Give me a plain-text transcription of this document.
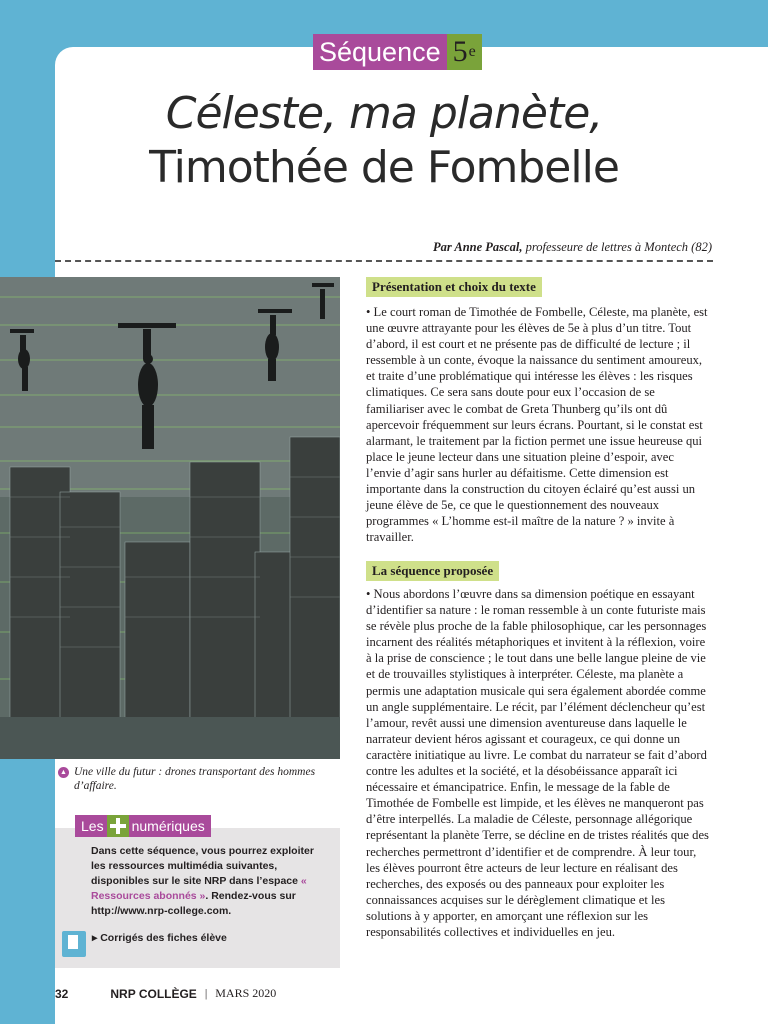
Séquence 5 e
Céleste, ma planète,
Timothée de Fombelle
Par Anne Pascal, professeure de lettres à Montech (82)
▲ Une ville du futur : drones transportant des hommes d’affaire.
Les numériques
Dans cette séquence, vous pourrez exploiter les ressources multimédia suivantes, disponibles sur le site NRP dans l’espace « Ressources abonnés ». Rendez-vous sur http://www.nrp-college.com.
▸ Corrigés des fiches élève
Présentation et choix du texte
• Le court roman de Timothée de Fombelle, Céleste, ma planète, est une œuvre attrayante pour les élèves de 5e à plus d’un titre. Tout d’abord, il est court et ne présente pas de difficulté de lecture ; il ressemble à un conte, évoque la naissance du sentiment amoureux, et traite d’une problématique qui intéresse les élèves : les risques climatiques. Ce sera sans doute pour eux l’occasion de se familiariser avec le combat de Greta Thunberg qu’ils ont dû apercevoir fréquemment sur leurs écrans. Pourtant, si le constat est alarmant, le traitement par la fiction permet une issue heureuse qui place le jeune lecteur dans une situation pleine d’espoir, avec l’envie d’agir sans hurler au défaitisme. Cette dimension est importante dans la construction du citoyen éclairé qu’est aussi un jeune élève de 5e, ce que le questionnement des nouveaux programmes « L’homme est-il maître de la nature ? » invite à travailler.
La séquence proposée
• Nous abordons l’œuvre dans sa dimension poétique en essayant d’identifier sa nature : le roman ressemble à un conte futuriste mais se révèle plus proche de la fable philosophique, car les personnages incarnent des réalités métaphoriques et invitent à la réflexion, voire à la prise de conscience ; le tout dans une belle langue pleine de vie et de trouvailles stylistiques à interpréter. Céleste, ma planète a permis une adaptation musicale qui sera également abordée comme un angle supplémentaire. Le récit, par l’élément déclencheur qu’est l’amour, revêt aussi une dimension aventureuse dans laquelle le narrateur devient héros agissant et courageux, ce qui donne un caractère initiatique au livre. Le combat du narrateur se fait d’abord contre les adultes et la société, et la désobéissance apparaît ici nécessaire et émancipatrice. Enfin, le message de la fable de Timothée de Fombelle est limpide, et les élèves ne manqueront pas d’être interpellés. La maladie de Céleste, personnage allégorique représentant la planète Terre, se décline en de tristes réalités que des recherches permettront d’identifier et de comprendre. À leur tour, les élèves pourront être acteurs de leur lecture en réalisant des recherches, des exposés ou des panneaux pour exploiter les connaissances acquises sur le dérèglement climatique et les solutions à y apporter, en amorçant une réflexion sur les responsabilités collectives et individuelles en jeu.
32	NRP COLLÈGE | MARS 2020
